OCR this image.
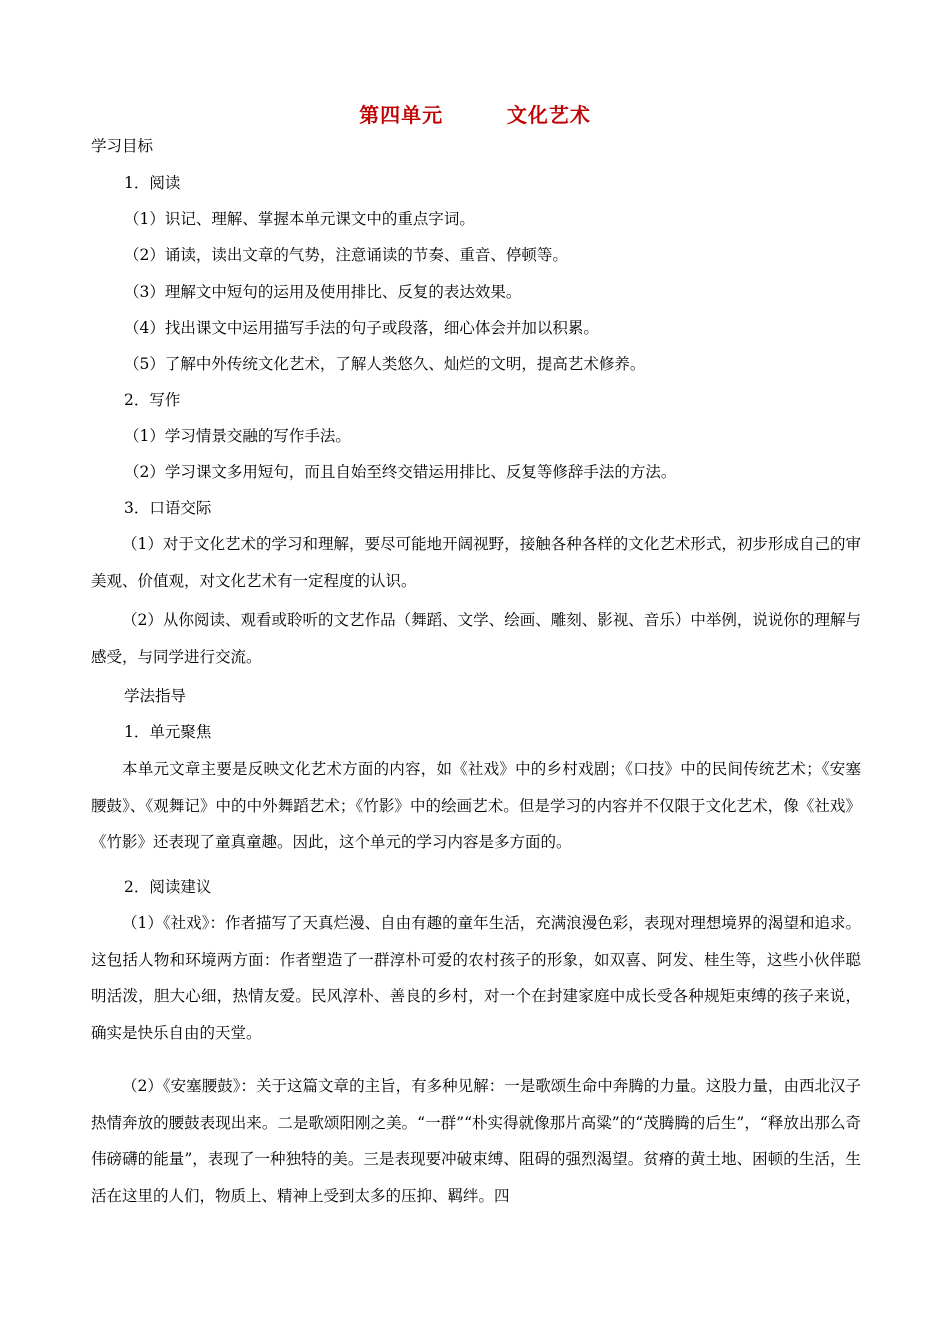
第四单元	文化艺术
学习目标
1．阅读
（1）识记、理解、掌握本单元课文中的重点字词。
（2）诵读，读出文章的气势，注意诵读的节奏、重音、停顿等。
（3）理解文中短句的运用及使用排比、反复的表达效果。
（4）找出课文中运用描写手法的句子或段落，细心体会并加以积累。
（5）了解中外传统文化艺术，了解人类悠久、灿烂的文明，提高艺术修养。
2．写作
（1）学习情景交融的写作手法。
（2）学习课文多用短句，而且自始至终交错运用排比、反复等修辞手法的方法。
3．口语交际

（1）对于文化艺术的学习和理解，要尽可能地开阔视野，接触各种各样的文化艺术形式，初步形成自己的审美观、价值观，对文化艺术有一定程度的认识。

（2）从你阅读、观看或聆听的文艺作品（舞蹈、文学、绘画、雕刻、影视、音乐）中举例，说说你的理解与感受，与同学进行交流。

学法指导
1．单元聚焦

本单元文章主要是反映文化艺术方面的内容，如《社戏》中的乡村戏剧；《口技》中的民间传统艺术；《安塞腰鼓》、《观舞记》中的中外舞蹈艺术；《竹影》中的绘画艺术。但是学习的内容并不仅限于文化艺术，像《社戏》《竹影》还表现了童真童趣。因此，这个单元的学习内容是多方面的。

2．阅读建议

（1）《社戏》：作者描写了天真烂漫、自由有趣的童年生活，充满浪漫色彩，表现对理想境界的渴望和追求。这包括人物和环境两方面：作者塑造了一群淳朴可爱的农村孩子的形象，如双喜、阿发、桂生等，这些小伙伴聪明活泼，胆大心细，热情友爱。民风淳朴、善良的乡村，对一个在封建家庭中成长受各种规矩束缚的孩子来说，确实是快乐自由的天堂。

（2）《安塞腰鼓》：关于这篇文章的主旨，有多种见解：一是歌颂生命中奔腾的力量。这股力量，由西北汉子热情奔放的腰鼓表现出来。二是歌颂阳刚之美。“一群”“朴实得就像那片高粱”的“茂腾腾的后生”，“释放出那么奇伟磅礴的能量”，表现了一种独特的美。三是表现要冲破束缚、阻碍的强烈渴望。贫瘠的黄土地、困顿的生活，生活在这里的人们，物质上、精神上受到太多的压抑、羁绊。四
